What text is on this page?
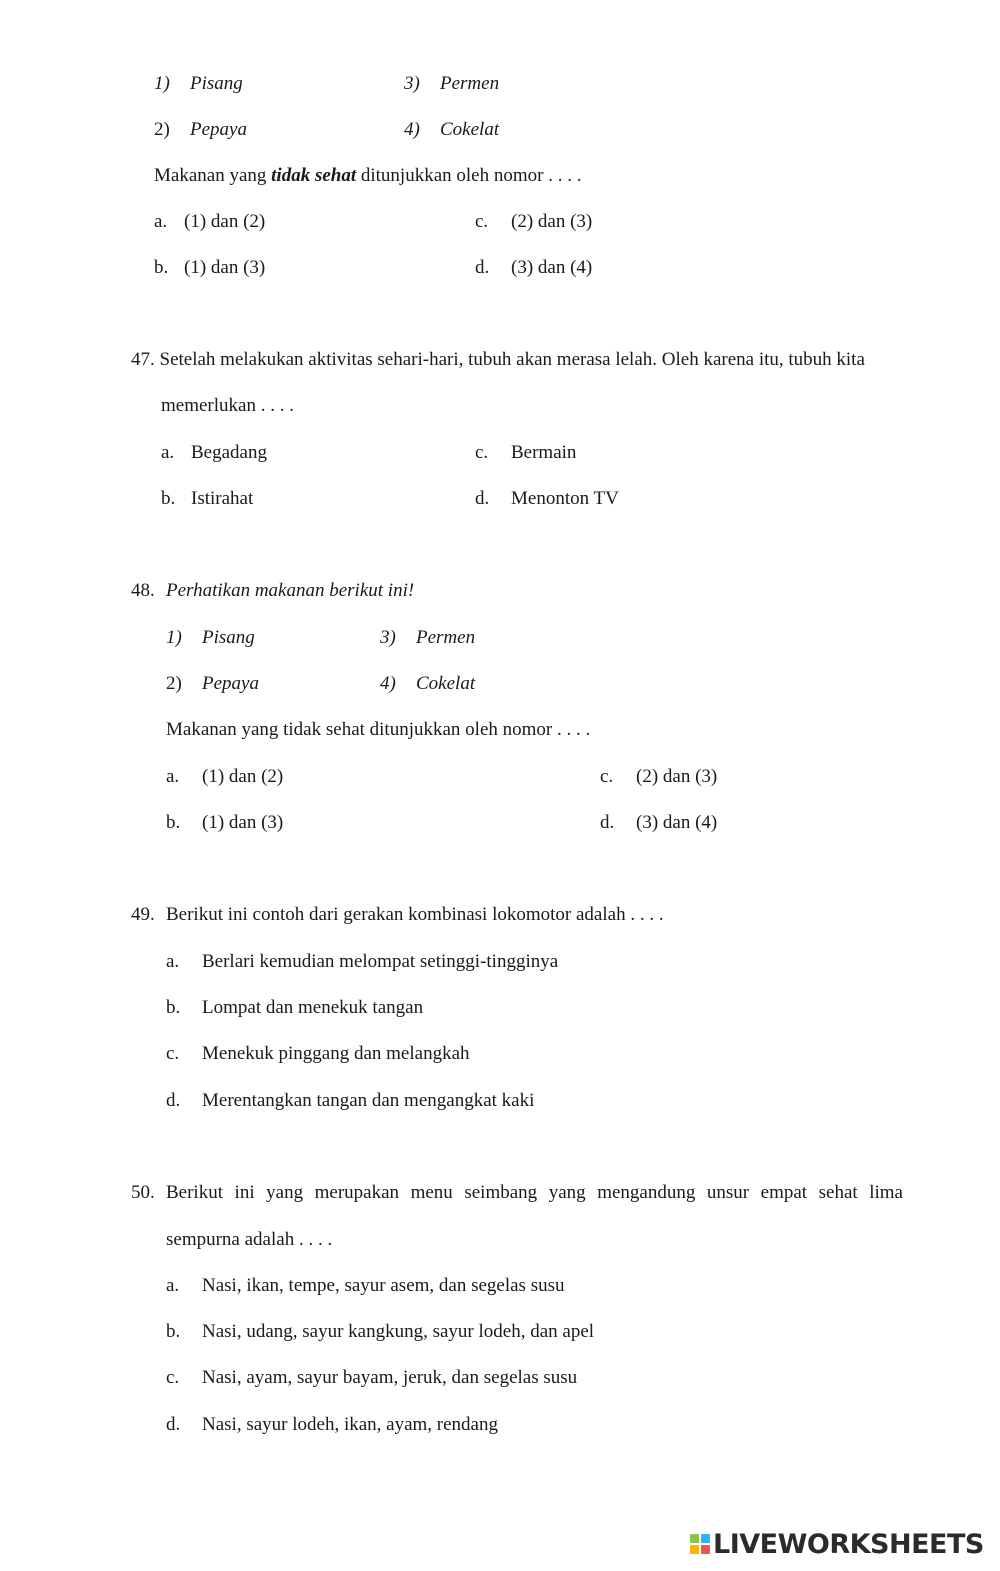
1) Pisang	3) Permen
2) Pepaya	4) Cokelat
Makanan yang tidak sehat ditunjukkan oleh nomor . . . .
a. (1) dan (2)	c. (2) dan (3)
b. (1) dan (3)	d. (3) dan (4)
47. Setelah melakukan aktivitas sehari-hari, tubuh akan merasa lelah. Oleh karena itu, tubuh kita
memerlukan . . . .
a. Begadang	c. Bermain
b. Istirahat	d. Menonton TV
48. Perhatikan makanan berikut ini!
1) Pisang	3) Permen
2) Pepaya	4) Cokelat
Makanan yang tidak sehat ditunjukkan oleh nomor . . . .
a. (1) dan (2)	c. (2) dan (3)
b. (1) dan (3)	d. (3) dan (4)
49. Berikut ini contoh dari gerakan kombinasi lokomotor adalah . . . .
a. Berlari kemudian melompat setinggi-tingginya
b. Lompat dan menekuk tangan
c. Menekuk pinggang dan melangkah
d. Merentangkan tangan dan mengangkat kaki
50. Berikut ini yang merupakan menu seimbang yang mengandung unsur empat sehat lima
sempurna adalah . . . .
a. Nasi, ikan, tempe, sayur asem, dan segelas susu
b. Nasi, udang, sayur kangkung, sayur lodeh, dan apel
c. Nasi, ayam, sayur bayam, jeruk, dan segelas susu
d. Nasi, sayur lodeh, ikan, ayam, rendang
LIVEWORKSHEETS
